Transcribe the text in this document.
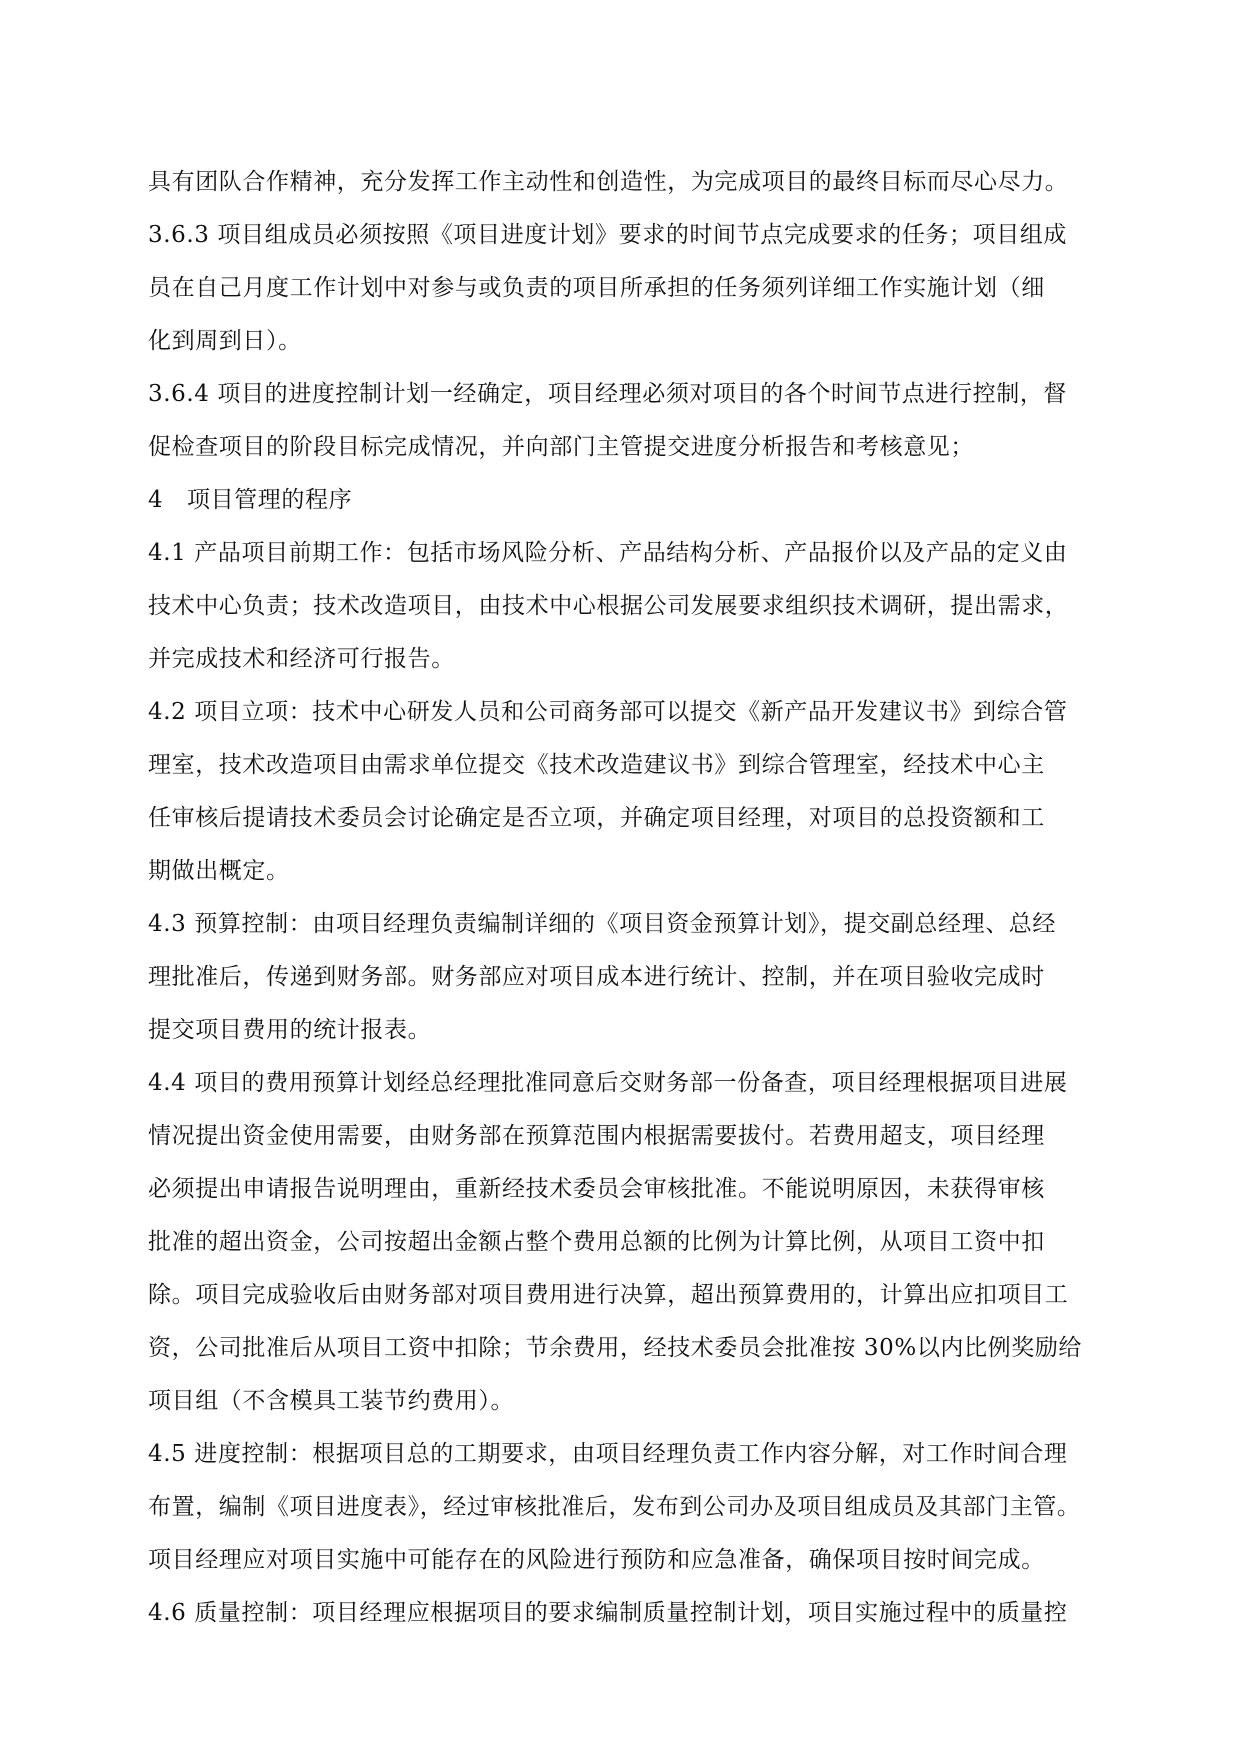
具有团队合作精神，充分发挥工作主动性和创造性，为完成项目的最终目标而尽心尽力。
3.6.3 项目组成员必须按照《项目进度计划》要求的时间节点完成要求的任务；项目组成
员在自己月度工作计划中对参与或负责的项目所承担的任务须列详细工作实施计划（细
化到周到日）。
3.6.4 项目的进度控制计划一经确定，项目经理必须对项目的各个时间节点进行控制，督
促检查项目的阶段目标完成情况，并向部门主管提交进度分析报告和考核意见；
4   项目管理的程序
4.1 产品项目前期工作：包括市场风险分析、产品结构分析、产品报价以及产品的定义由
技术中心负责；技术改造项目，由技术中心根据公司发展要求组织技术调研，提出需求，
并完成技术和经济可行报告。
4.2 项目立项：技术中心研发人员和公司商务部可以提交《新产品开发建议书》到综合管
理室，技术改造项目由需求单位提交《技术改造建议书》到综合管理室，经技术中心主
任审核后提请技术委员会讨论确定是否立项，并确定项目经理，对项目的总投资额和工
期做出概定。
4.3 预算控制：由项目经理负责编制详细的《项目资金预算计划》，提交副总经理、总经
理批准后，传递到财务部。财务部应对项目成本进行统计、控制，并在项目验收完成时
提交项目费用的统计报表。
4.4 项目的费用预算计划经总经理批准同意后交财务部一份备查，项目经理根据项目进展
情况提出资金使用需要，由财务部在预算范围内根据需要拔付。若费用超支，项目经理
必须提出申请报告说明理由，重新经技术委员会审核批准。不能说明原因，未获得审核
批准的超出资金，公司按超出金额占整个费用总额的比例为计算比例，从项目工资中扣
除。项目完成验收后由财务部对项目费用进行决算，超出预算费用的，计算出应扣项目工
资，公司批准后从项目工资中扣除；节余费用，经技术委员会批准按 30%以内比例奖励给
项目组（不含模具工装节约费用）。
4.5 进度控制：根据项目总的工期要求，由项目经理负责工作内容分解，对工作时间合理
布置，编制《项目进度表》，经过审核批准后，发布到公司办及项目组成员及其部门主管。
项目经理应对项目实施中可能存在的风险进行预防和应急准备，确保项目按时间完成。
4.6 质量控制：项目经理应根据项目的要求编制质量控制计划，项目实施过程中的质量控
